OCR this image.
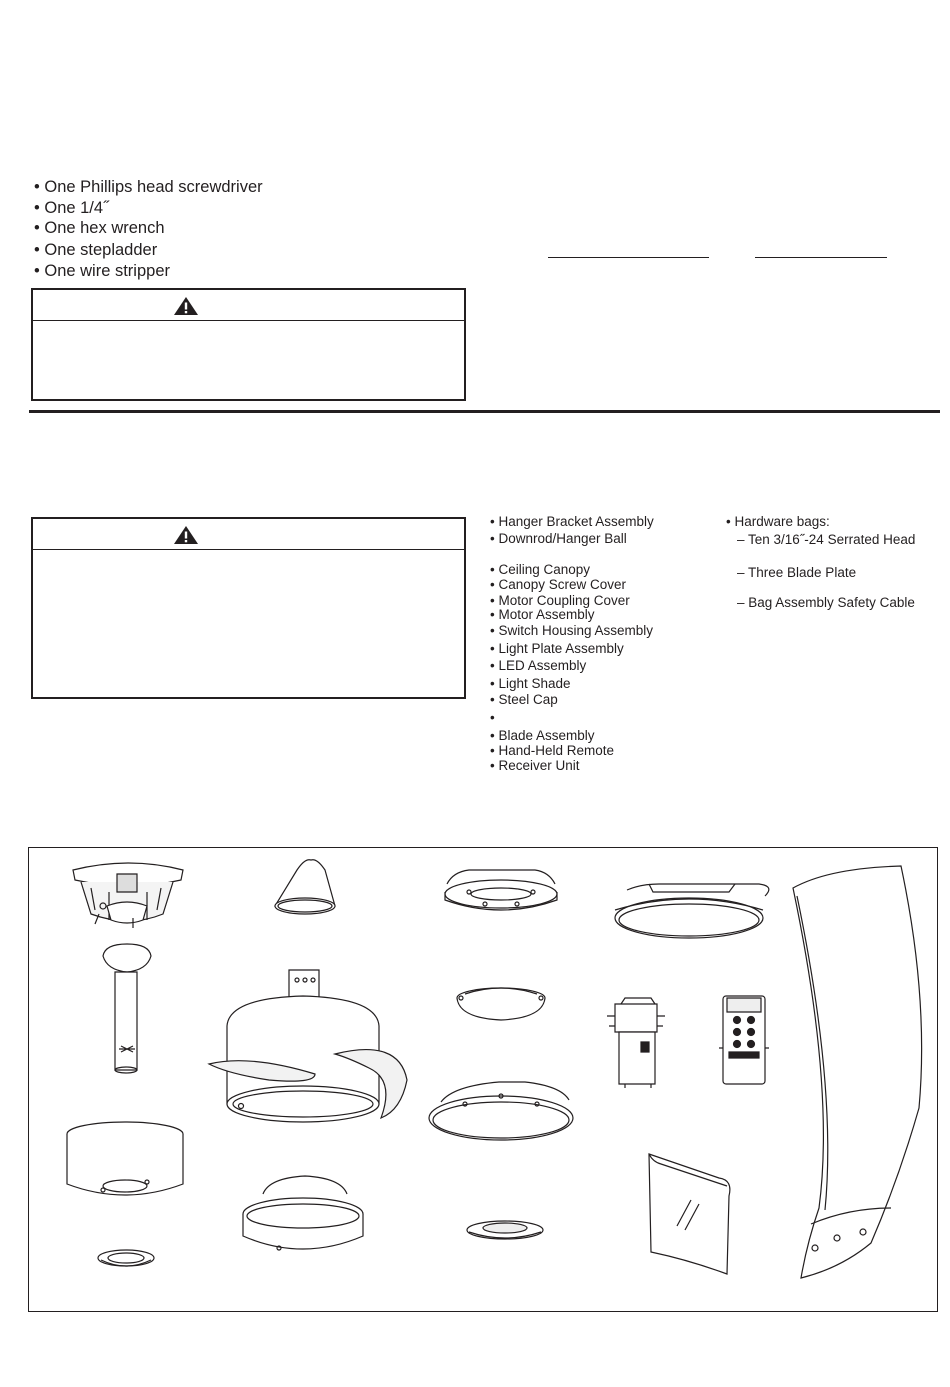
• One Phillips head screwdriver
• One 1/4˝
• One hex wrench
• One stepladder
• One wire stripper
• Hanger Bracket Assembly
• Downrod/Hanger Ball
• Ceiling Canopy
• Canopy Screw Cover
• Motor Coupling Cover
• Motor Assembly
• Switch Housing Assembly
• Light Plate Assembly
• LED Assembly
• Light Shade
• Steel Cap
•
• Blade Assembly
• Hand-Held Remote
• Receiver Unit
• Hardware bags:
– Ten 3/16˝-24 Serrated Head
– Three Blade Plate
– Bag Assembly Safety Cable
